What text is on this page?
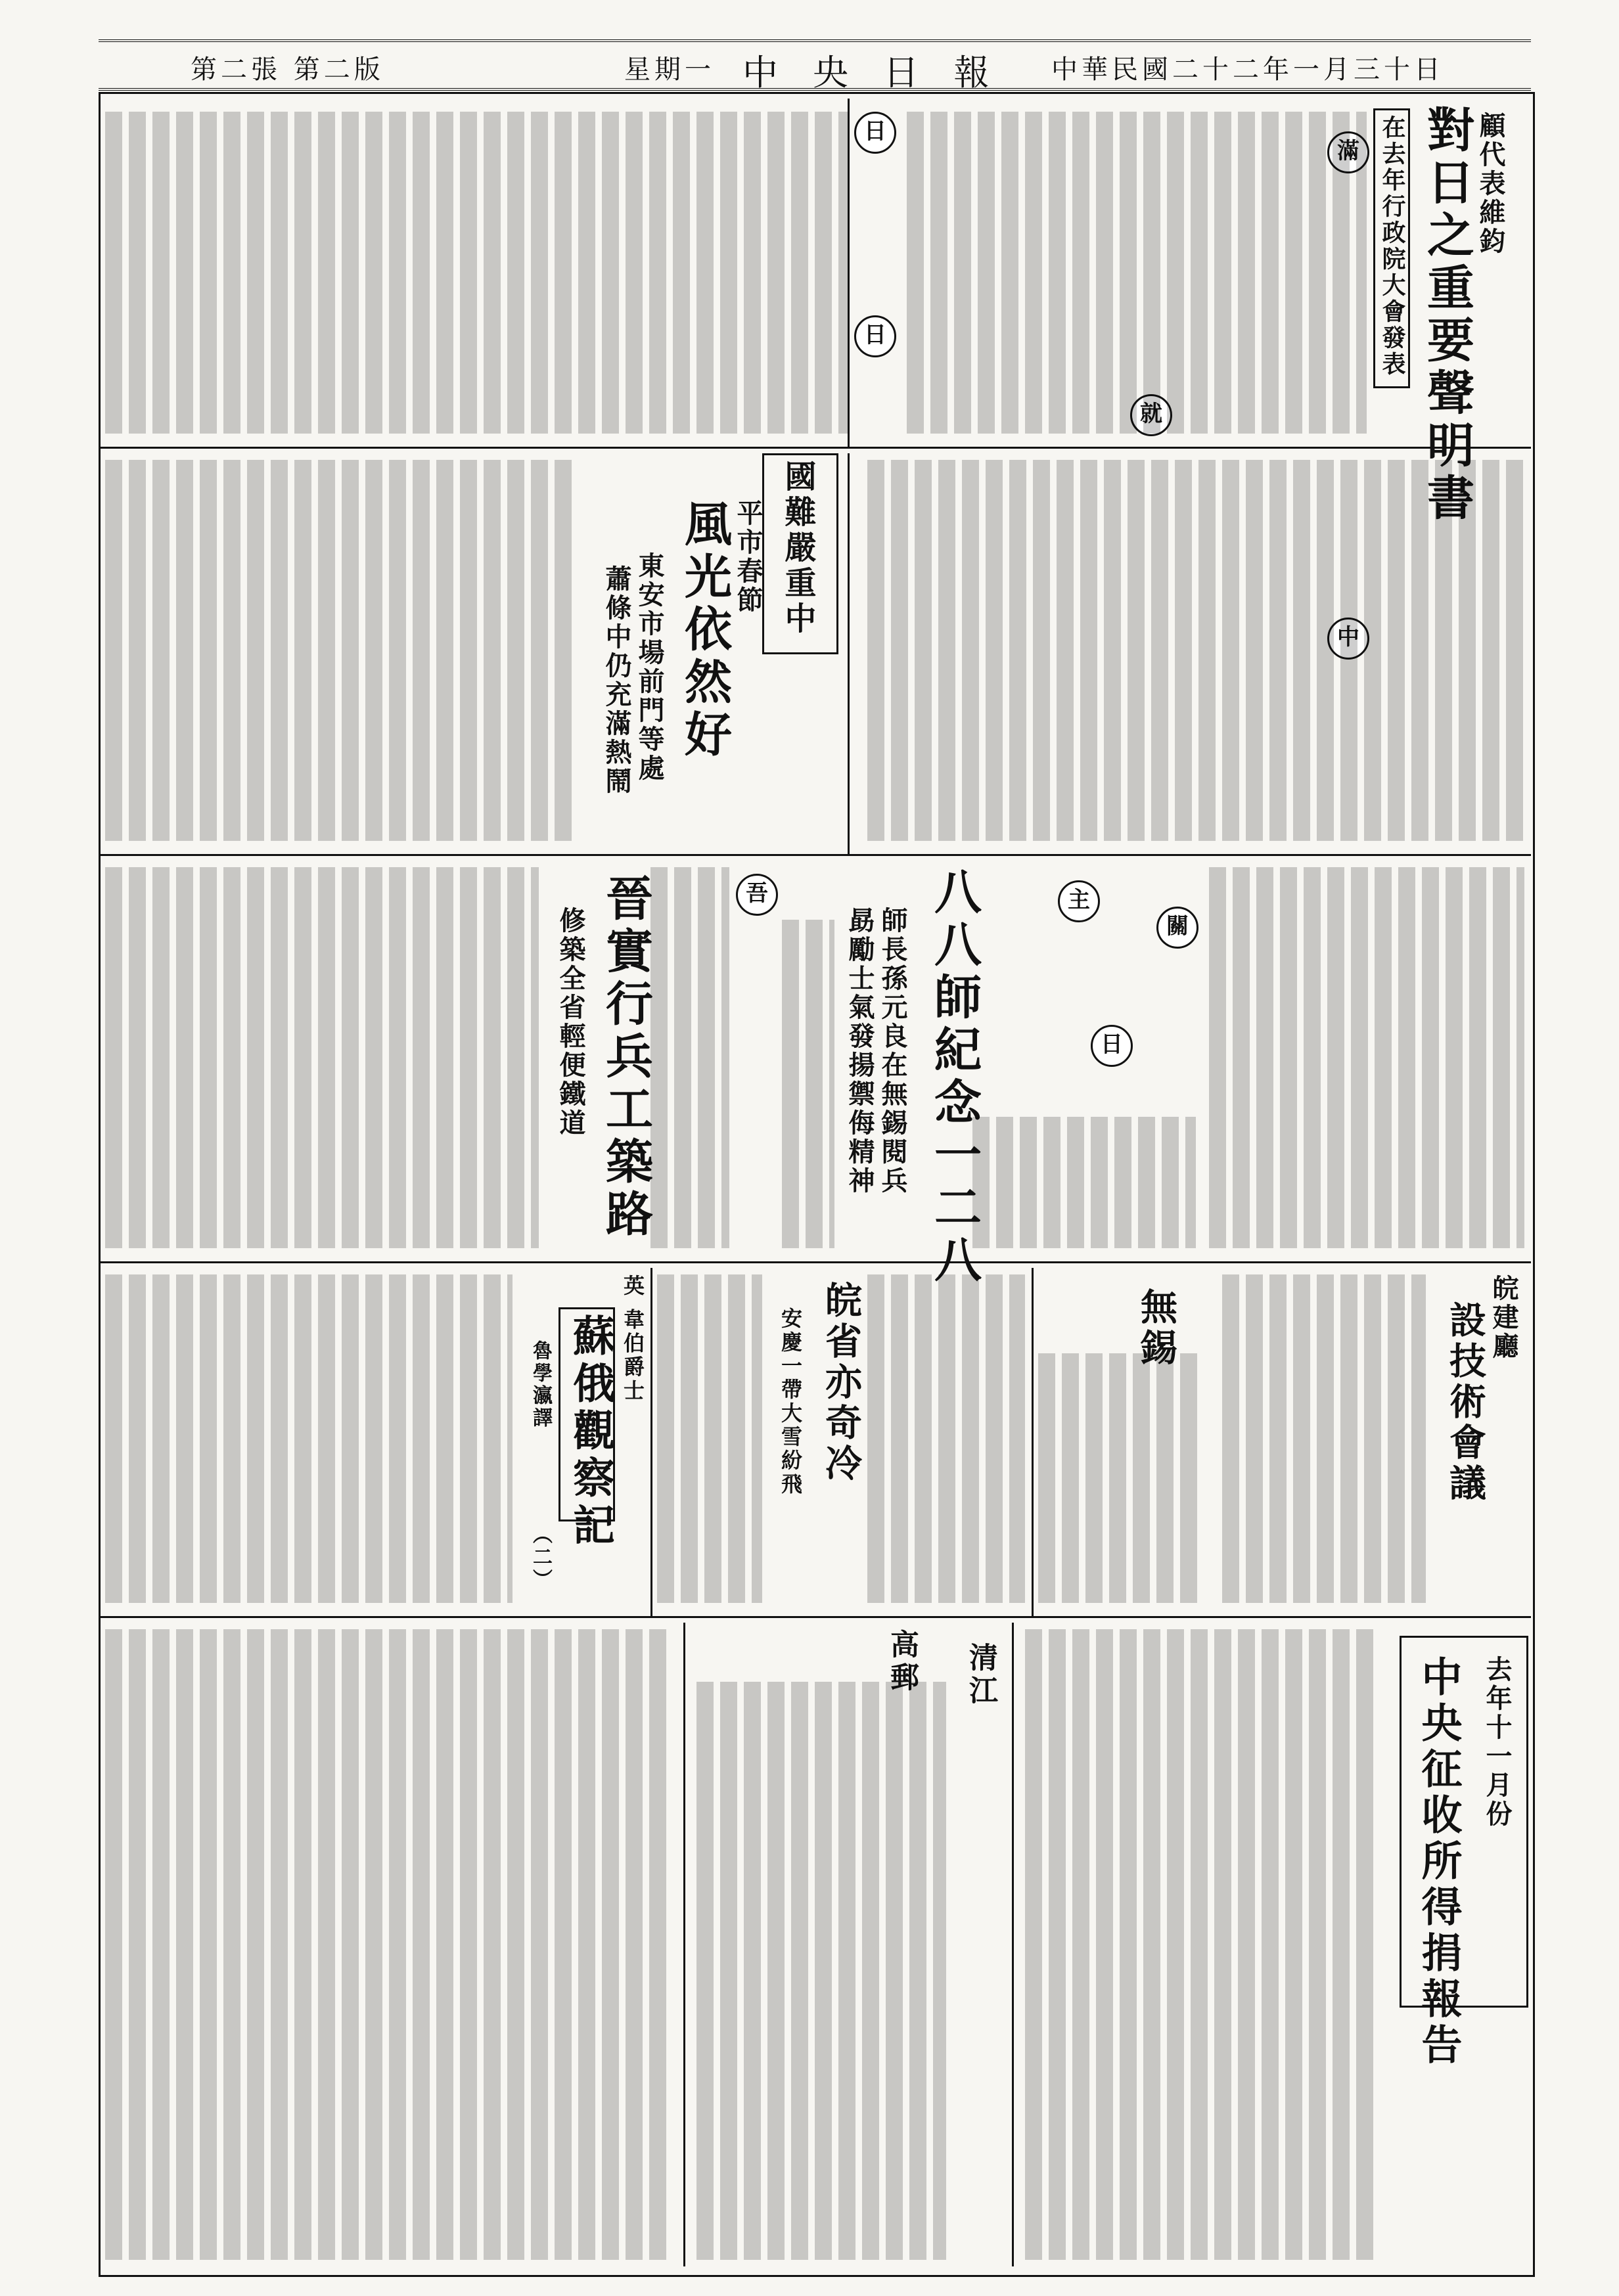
第二張 第二版	星期一 中 央 日 報 中華民國二十二年一月三十日
顧代表維鈞
對日之重要聲明書
在去年行政院大會發表
滿
日
日
就
中
國難嚴重中
平市春節
風光依然好
東安市場前門等處
蕭條中仍充滿熱鬧
八八師紀念一二八
師長孫元良在無錫閱兵
勗勵士氣發揚禦侮精神	關
日
吾	主
晉實行兵工築路
修築全省輕便鐵道
皖建廳
設技術會議
皖省亦奇冷
安慶一帶大雪紛飛	無錫
英 韋伯爵士
蘇俄觀察記
魯學瀛譯
（二）
去年十一月份
中央征收所得捐報告
清江
高郵
